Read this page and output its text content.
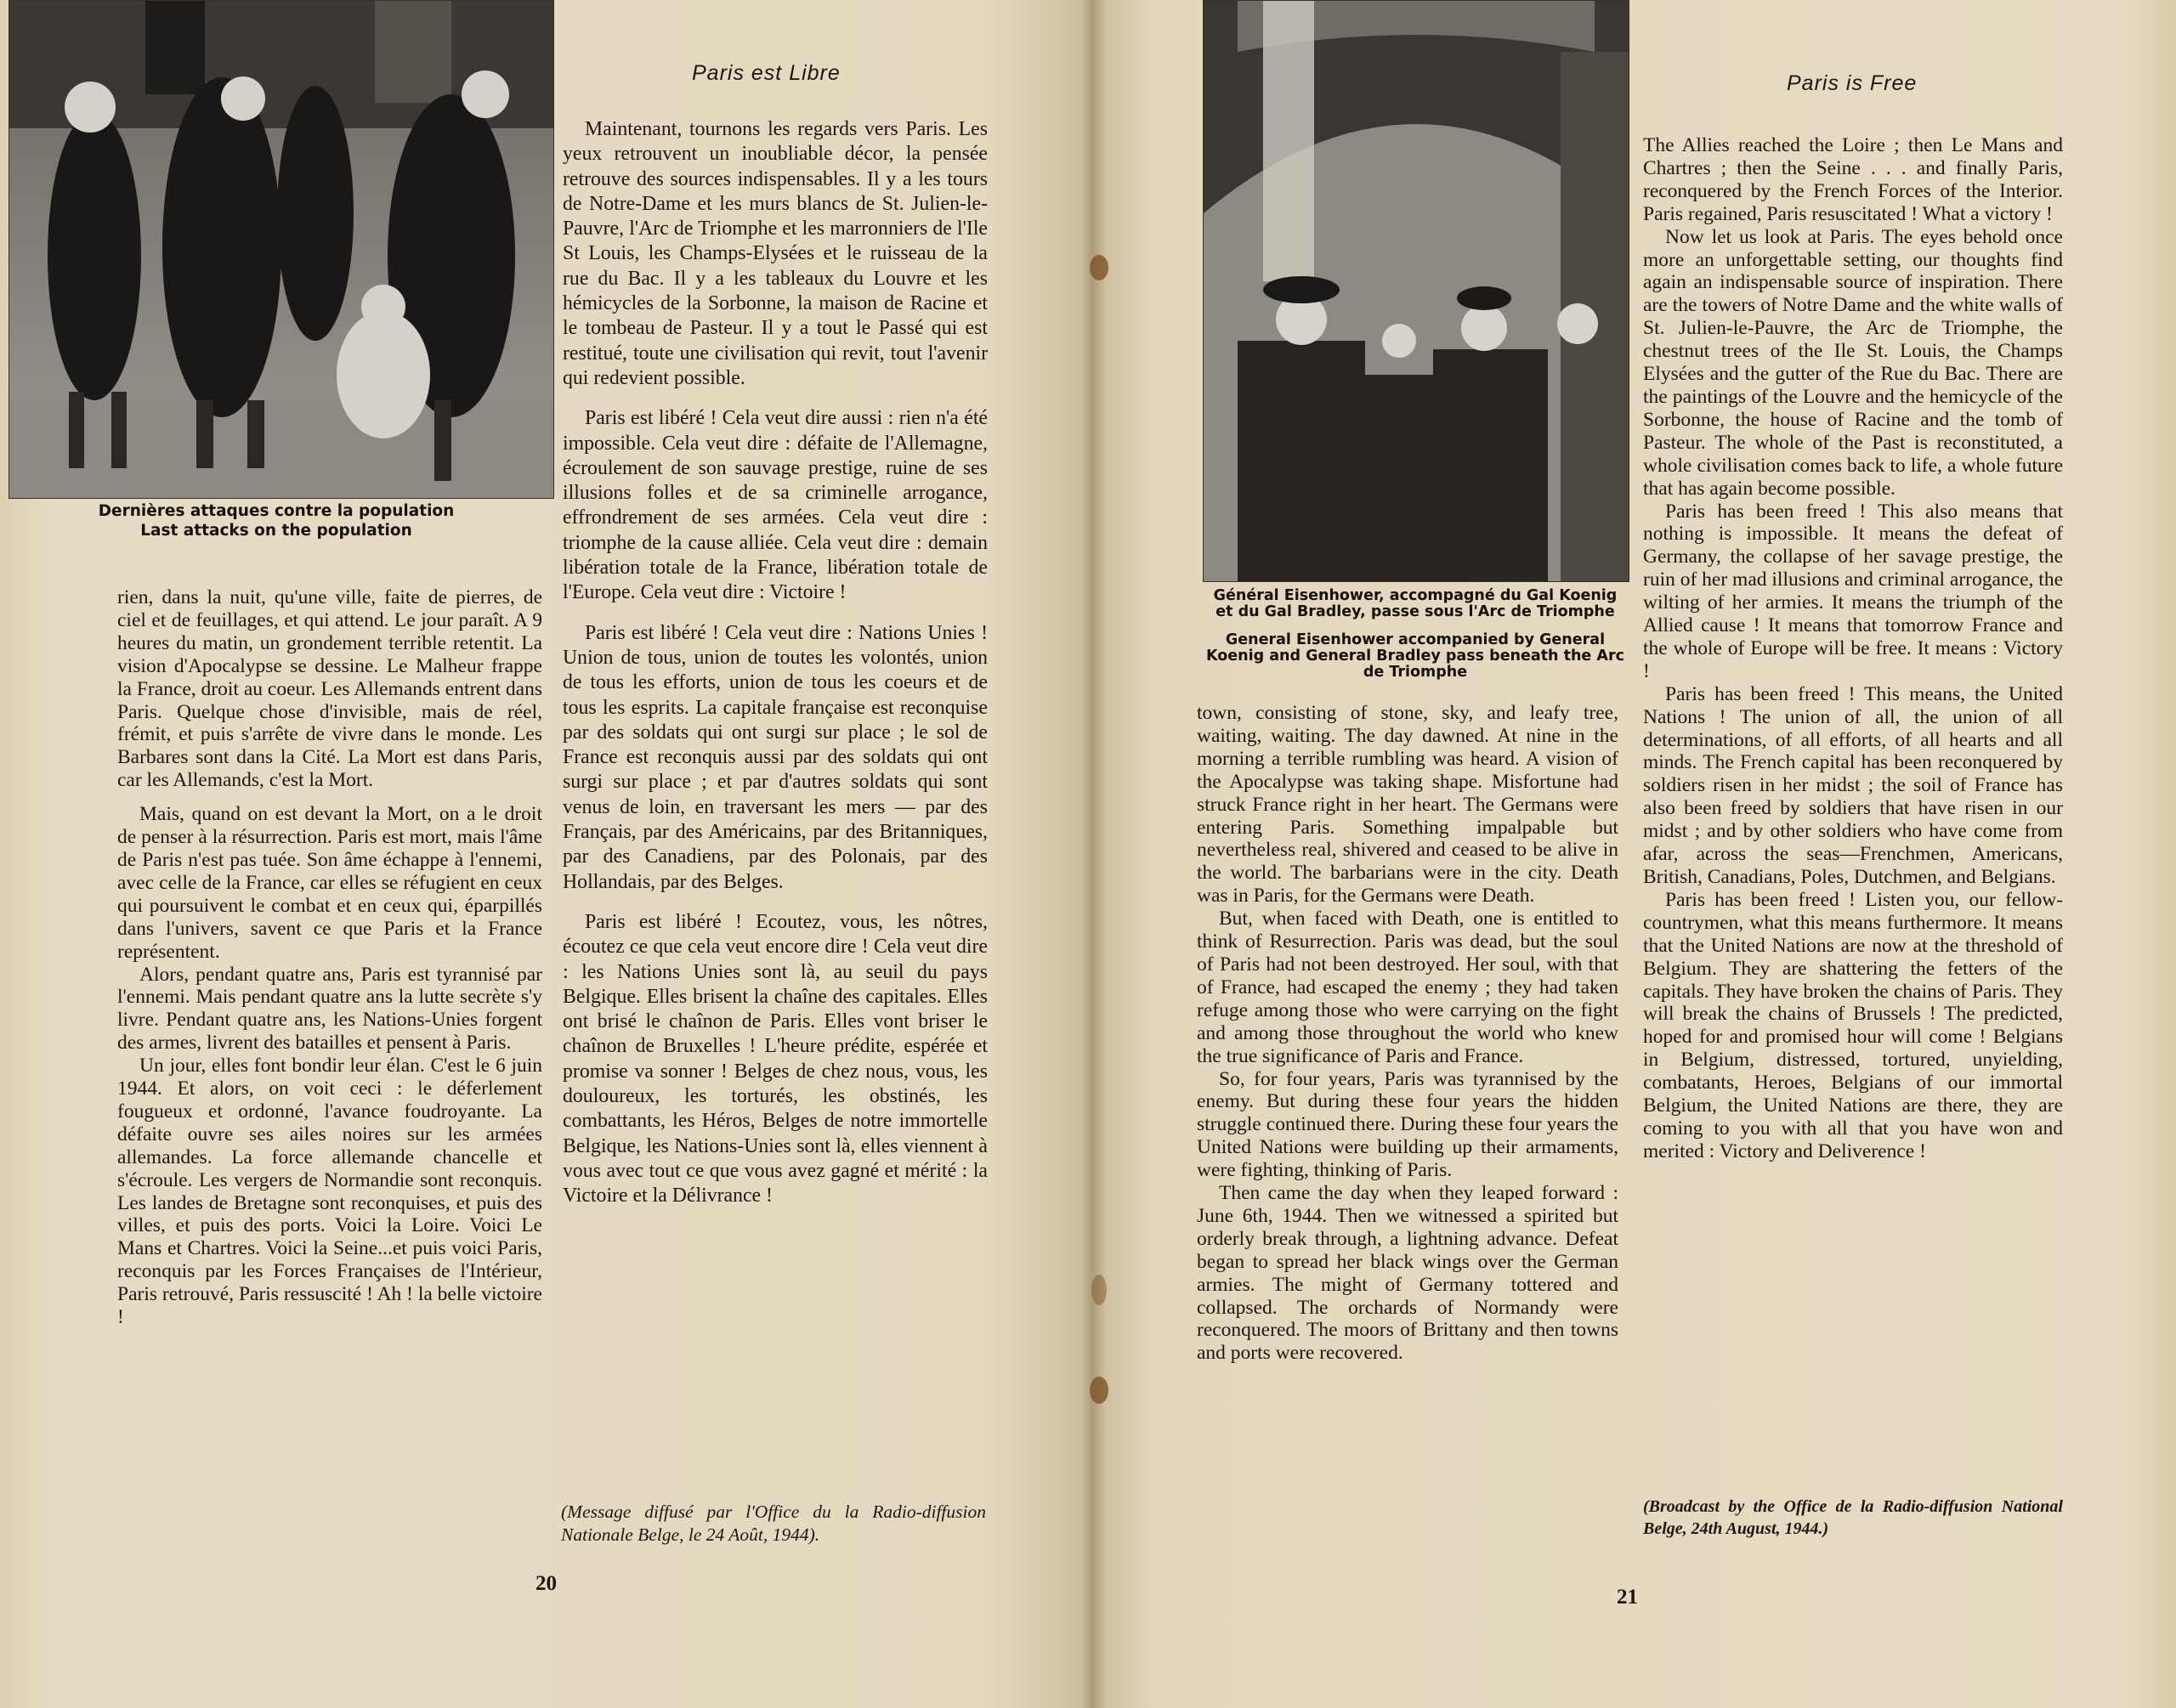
Dernières attaques contre la population

Last attacks on the population

Paris est Libre

rien, dans la nuit, qu'une ville, faite de pierres, de ciel et de feuillages, et qui attend. Le jour paraît. A 9 heures du matin, un grondement terrible retentit. La vision d'Apocalypse se dessine. Le Malheur frappe la France, droit au coeur. Les Allemands entrent dans Paris. Quelque chose d'invisible, mais de réel, frémit, et puis s'arrête de vivre dans le monde. Les Barbares sont dans la Cité. La Mort est dans Paris, car les Allemands, c'est la Mort.

Mais, quand on est devant la Mort, on a le droit de penser à la résurrection. Paris est mort, mais l'âme de Paris n'est pas tuée. Son âme échappe à l'ennemi, avec celle de la France, car elles se réfugient en ceux qui poursuivent le combat et en ceux qui, éparpillés dans l'univers, savent ce que Paris et la France représentent.

Alors, pendant quatre ans, Paris est tyrannisé par l'ennemi. Mais pendant quatre ans la lutte secrète s'y livre. Pendant quatre ans, les Nations-Unies forgent des armes, livrent des batailles et pensent à Paris.

Un jour, elles font bondir leur élan. C'est le 6 juin 1944. Et alors, on voit ceci : le déferlement fougueux et ordonné, l'avance foudroyante. La défaite ouvre ses ailes noires sur les armées allemandes. La force allemande chancelle et s'écroule. Les vergers de Normandie sont reconquis. Les landes de Bretagne sont reconquises, et puis des villes, et puis des ports. Voici la Loire. Voici Le Mans et Chartres. Voici la Seine...et puis voici Paris, reconquis par les Forces Françaises de l'Intérieur, Paris retrouvé, Paris ressuscité ! Ah ! la belle victoire !

Maintenant, tournons les regards vers Paris. Les yeux retrouvent un inoubliable décor, la pensée retrouve des sources indispensables. Il y a les tours de Notre-Dame et les murs blancs de St. Julien-le-Pauvre, l'Arc de Triomphe et les marronniers de l'Ile St Louis, les Champs-Elysées et le ruisseau de la rue du Bac. Il y a les tableaux du Louvre et les hémicycles de la Sorbonne, la maison de Racine et le tombeau de Pasteur. Il y a tout le Passé qui est restitué, toute une civilisation qui revit, tout l'avenir qui redevient possible.

Paris est libéré ! Cela veut dire aussi : rien n'a été impossible. Cela veut dire : défaite de l'Allemagne, écroulement de son sauvage prestige, ruine de ses illusions folles et de sa criminelle arrogance, effrondrement de ses armées. Cela veut dire : triomphe de la cause alliée. Cela veut dire : demain libération totale de la France, libération totale de l'Europe. Cela veut dire : Victoire !

Paris est libéré ! Cela veut dire : Nations Unies ! Union de tous, union de toutes les volontés, union de tous les efforts, union de tous les coeurs et de tous les esprits. La capitale française est reconquise par des soldats qui ont surgi sur place ; le sol de France est reconquis aussi par des soldats qui ont surgi sur place ; et par d'autres soldats qui sont venus de loin, en traversant les mers — par des Français, par des Américains, par des Britanniques, par des Canadiens, par des Polonais, par des Hollandais, par des Belges.

Paris est libéré ! Ecoutez, vous, les nôtres, écoutez ce que cela veut encore dire ! Cela veut dire : les Nations Unies sont là, au seuil du pays Belgique. Elles brisent la chaîne des capitales. Elles ont brisé le chaînon de Paris. Elles vont briser le chaînon de Bruxelles ! L'heure prédite, espérée et promise va sonner ! Belges de chez nous, vous, les douloureux, les torturés, les obstinés, les combattants, les Héros, Belges de notre immortelle Belgique, les Nations-Unies sont là, elles viennent à vous avec tout ce que vous avez gagné et mérité : la Victoire et la Délivrance !

(Message diffusé par l'Office du la Radio-diffusion Nationale Belge, le 24 Août, 1944).

20

Général Eisenhower, accompagné du Gal Koenig et du Gal Bradley, passe sous l'Arc de Triomphe

General Eisenhower accompanied by General Koenig and General Bradley pass beneath the Arc de Triomphe

Paris is Free

town, consisting of stone, sky, and leafy tree, waiting, waiting. The day dawned. At nine in the morning a terrible rumbling was heard. A vision of the Apocalypse was taking shape. Misfortune had struck France right in her heart. The Germans were entering Paris. Something impalpable but nevertheless real, shivered and ceased to be alive in the world. The barbarians were in the city. Death was in Paris, for the Germans were Death.

But, when faced with Death, one is entitled to think of Resurrection. Paris was dead, but the soul of Paris had not been destroyed. Her soul, with that of France, had escaped the enemy ; they had taken refuge among those who were carrying on the fight and among those throughout the world who knew the true significance of Paris and France.

So, for four years, Paris was tyrannised by the enemy. But during these four years the hidden struggle continued there. During these four years the United Nations were building up their armaments, were fighting, thinking of Paris.

Then came the day when they leaped forward : June 6th, 1944. Then we witnessed a spirited but orderly break through, a lightning advance. Defeat began to spread her black wings over the German armies. The might of Germany tottered and collapsed. The orchards of Normandy were reconquered. The moors of Brittany and then towns and ports were recovered.

The Allies reached the Loire ; then Le Mans and Chartres ; then the Seine . . . and finally Paris, reconquered by the French Forces of the Interior. Paris regained, Paris resuscitated ! What a victory !

Now let us look at Paris. The eyes behold once more an unforgettable setting, our thoughts find again an indispensable source of inspiration. There are the towers of Notre Dame and the white walls of St. Julien-le-Pauvre, the Arc de Triomphe, the chestnut trees of the Ile St. Louis, the Champs Elysées and the gutter of the Rue du Bac. There are the paintings of the Louvre and the hemicycle of the Sorbonne, the house of Racine and the tomb of Pasteur. The whole of the Past is reconstituted, a whole civilisation comes back to life, a whole future that has again become possible.

Paris has been freed ! This also means that nothing is impossible. It means the defeat of Germany, the collapse of her savage prestige, the ruin of her mad illusions and criminal arrogance, the wilting of her armies. It means the triumph of the Allied cause ! It means that tomorrow France and the whole of Europe will be free. It means : Victory !

Paris has been freed ! This means, the United Nations ! The union of all, the union of all determinations, of all efforts, of all hearts and all minds. The French capital has been reconquered by soldiers risen in her midst ; the soil of France has also been freed by soldiers that have risen in our midst ; and by other soldiers who have come from afar, across the seas—Frenchmen, Americans, British, Canadians, Poles, Dutchmen, and Belgians.

Paris has been freed ! Listen you, our fellow-countrymen, what this means furthermore. It means that the United Nations are now at the threshold of Belgium. They are shattering the fetters of the capitals. They have broken the chains of Paris. They will break the chains of Brussels ! The predicted, hoped for and promised hour will come ! Belgians in Belgium, distressed, tortured, unyielding, combatants, Heroes, Belgians of our immortal Belgium, the United Nations are there, they are coming to you with all that you have won and merited : Victory and Deliverence !

(Broadcast by the Office de la Radio-diffusion National Belge, 24th August, 1944.)

21
